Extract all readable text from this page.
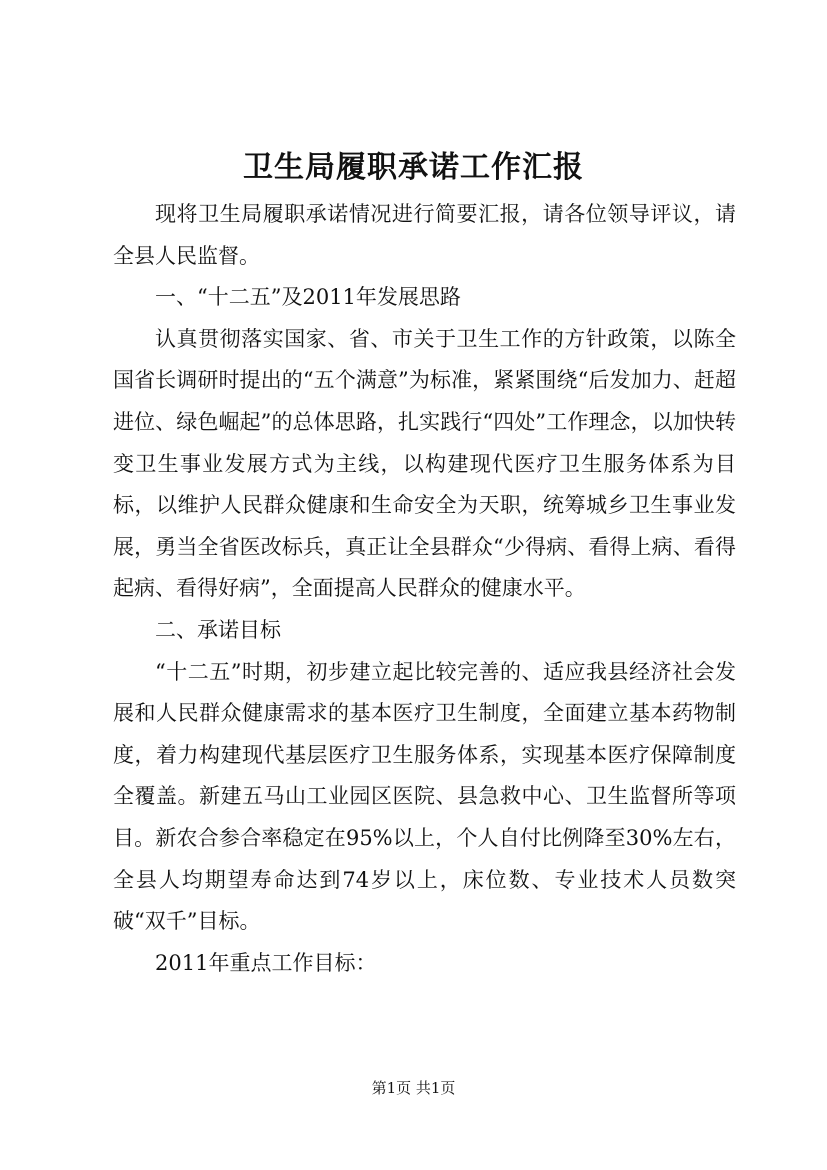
卫生局履职承诺工作汇报

现将卫生局履职承诺情况进行简要汇报，请各位领导评议，请全县人民监督。

一、“十二五”及2011年发展思路

认真贯彻落实国家、省、市关于卫生工作的方针政策，以陈全国省长调研时提出的“五个满意”为标准，紧紧围绕“后发加力、赶超进位、绿色崛起”的总体思路，扎实践行“四处”工作理念，以加快转变卫生事业发展方式为主线，以构建现代医疗卫生服务体系为目标，以维护人民群众健康和生命安全为天职，统筹城乡卫生事业发展，勇当全省医改标兵，真正让全县群众“少得病、看得上病、看得起病、看得好病”，全面提高人民群众的健康水平。

二、承诺目标

“十二五”时期，初步建立起比较完善的、适应我县经济社会发展和人民群众健康需求的基本医疗卫生制度，全面建立基本药物制度，着力构建现代基层医疗卫生服务体系，实现基本医疗保障制度全覆盖。新建五马山工业园区医院、县急救中心、卫生监督所等项目。新农合参合率稳定在95%以上，个人自付比例降至30%左右，全县人均期望寿命达到74岁以上，床位数、专业技术人员数突破“双千”目标。

2011年重点工作目标：

第1页 共1页
